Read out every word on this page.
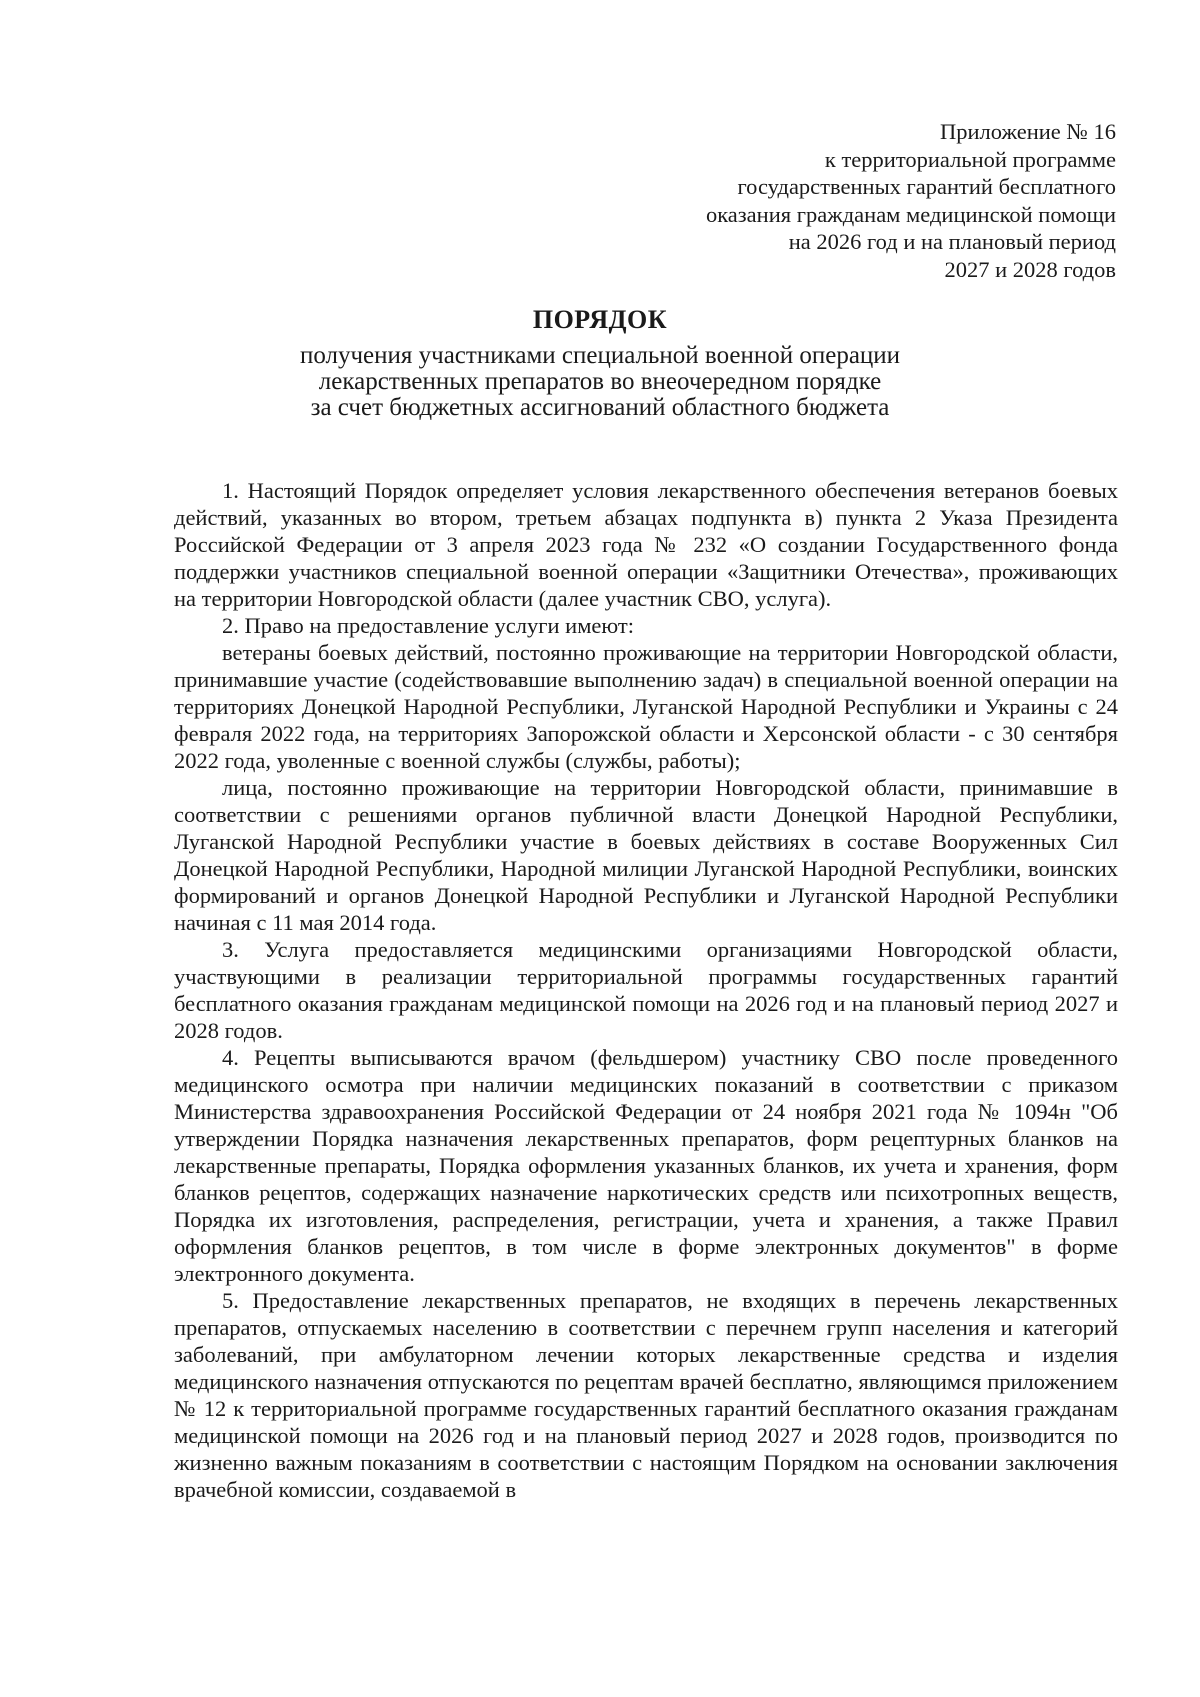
Приложение № 16
к территориальной программе
государственных гарантий бесплатного
оказания гражданам медицинской помощи
на 2026 год и на плановый период
2027 и 2028 годов
ПОРЯДОК
получения участниками специальной военной операции
лекарственных препаратов во внеочередном порядке
за счет бюджетных ассигнований областного бюджета

1. Настоящий Порядок определяет условия лекарственного обеспечения ветеранов боевых действий, указанных во втором, третьем абзацах подпункта в) пункта 2 Указа Президента Российской Федерации от 3 апреля 2023 года № 232 «О создании Государственного фонда поддержки участников специальной военной операции «Защитники Отечества», проживающих на территории Новгородской области (далее участник СВО, услуга).

2. Право на предоставление услуги имеют:

ветераны боевых действий, постоянно проживающие на территории Новгородской области, принимавшие участие (содействовавшие выполнению задач) в специальной военной операции на территориях Донецкой Народной Республики, Луганской Народной Республики и Украины с 24 февраля 2022 года, на территориях Запорожской области и Херсонской области - с 30 сентября 2022 года, уволенные с военной службы (службы, работы);

лица, постоянно проживающие на территории Новгородской области, принимавшие в соответствии с решениями органов публичной власти Донецкой Народной Республики, Луганской Народной Республики участие в боевых действиях в составе Вооруженных Сил Донецкой Народной Республики, Народной милиции Луганской Народной Республики, воинских формирований и органов Донецкой Народной Республики и Луганской Народной Республики начиная с 11 мая 2014 года.

3. Услуга предоставляется медицинскими организациями Новгородской области, участвующими в реализации территориальной программы государственных гарантий бесплатного оказания гражданам медицинской помощи на 2026 год и на плановый период 2027 и 2028 годов.

4. Рецепты выписываются врачом (фельдшером) участнику СВО после проведенного медицинского осмотра при наличии медицинских показаний в соответствии с приказом Министерства здравоохранения Российской Федерации от 24 ноября 2021 года № 1094н "Об утверждении Порядка назначения лекарственных препаратов, форм рецептурных бланков на лекарственные препараты, Порядка оформления указанных бланков, их учета и хранения, форм бланков рецептов, содержащих назначение наркотических средств или психотропных веществ, Порядка их изготовления, распределения, регистрации, учета и хранения, а также Правил оформления бланков рецептов, в том числе в форме электронных документов" в форме электронного документа.

5. Предоставление лекарственных препаратов, не входящих в перечень лекарственных препаратов, отпускаемых населению в соответствии с перечнем групп населения и категорий заболеваний, при амбулаторном лечении которых лекарственные средства и изделия медицинского назначения отпускаются по рецептам врачей бесплатно, являющимся приложением № 12 к территориальной программе государственных гарантий бесплатного оказания гражданам медицинской помощи на 2026 год и на плановый период 2027 и 2028 годов, производится по жизненно важным показаниям в соответствии с настоящим Порядком на основании заключения врачебной комиссии, создаваемой в
